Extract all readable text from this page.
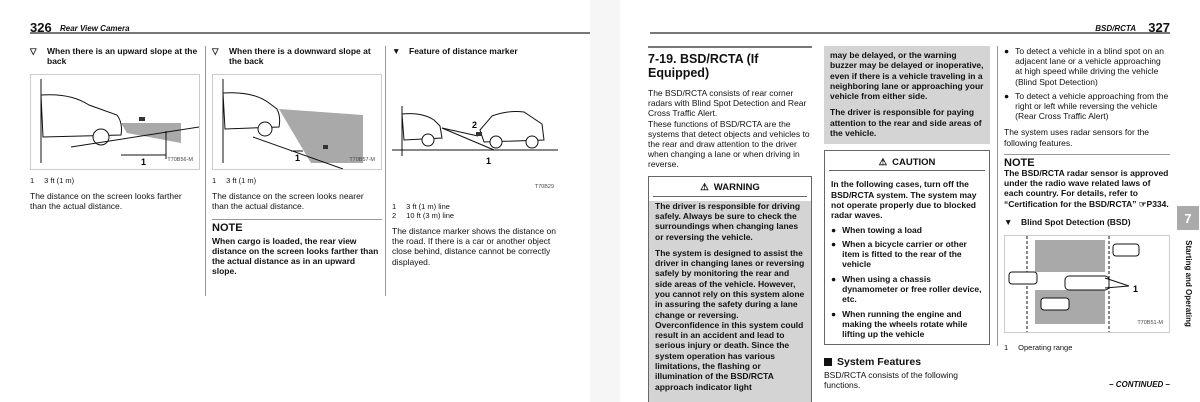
326 Rear View Camera
▽	When there is an upward slope at the back
1	T70B56-M
1 3 ft (1 m)

The distance on the screen looks farther than the actual distance.

▽	When there is a downward slope at the back
1	T70B57-M
1 3 ft (1 m)

The distance on the screen looks nearer than the actual distance.

NOTE

When cargo is loaded, the rear view distance on the screen looks farther than the actual distance as in an upward slope.

▼	Feature of distance marker
2
1
T70B29
1 3 ft (1 m) line
2 10 ft (3 m) line

The distance marker shows the distance on the road. If there is a car or another object close behind, distance cannot be correctly displayed.

BSD/RCTA 327
7-19. BSD/RCTA (If Equipped)

The BSD/RCTA consists of rear corner radars with Blind Spot Detection and Rear Cross Traffic Alert.

These functions of BSD/RCTA are the systems that detect objects and vehicles to the rear and draw attention to the driver when changing a lane or when driving in reverse.

⚠ WARNING

The driver is responsible for driving safely. Always be sure to check the surroundings when changing lanes or reversing the vehicle.

The system is designed to assist the driver in changing lanes or reversing safely by monitoring the rear and side areas of the vehicle. However, you cannot rely on this system alone in assuring the safety during a lane change or reversing. Overconfidence in this system could result in an accident and lead to serious injury or death. Since the system operation has various limitations, the flashing or illumination of the BSD/RCTA approach indicator light

may be delayed, or the warning buzzer may be delayed or inoperative, even if there is a vehicle traveling in a neighboring lane or approaching your vehicle from either side.

The driver is responsible for paying attention to the rear and side areas of the vehicle.

⚠ CAUTION

In the following cases, turn off the BSD/RCTA system. The system may not operate properly due to blocked radar waves.

● When towing a load
● When a bicycle carrier or other item is fitted to the rear of the vehicle
● When using a chassis dynamometer or free roller device, etc.
● When running the engine and making the wheels rotate while lifting up the vehicle
System Features

BSD/RCTA consists of the following functions.

● To detect a vehicle in a blind spot on an adjacent lane or a vehicle approaching at high speed while driving the vehicle (Blind Spot Detection)
● To detect a vehicle approaching from the right or left while reversing the vehicle (Rear Cross Traffic Alert)

The system uses radar sensors for the following features.

NOTE

The BSD/RCTA radar sensor is approved under the radio wave related laws of each country. For details, refer to “Certification for the BSD/RCTA” ☞P334.

▼	Blind Spot Detection (BSD)
1
T70B51-M
1 Operating range
7
Starting and Operating
– CONTINUED –
